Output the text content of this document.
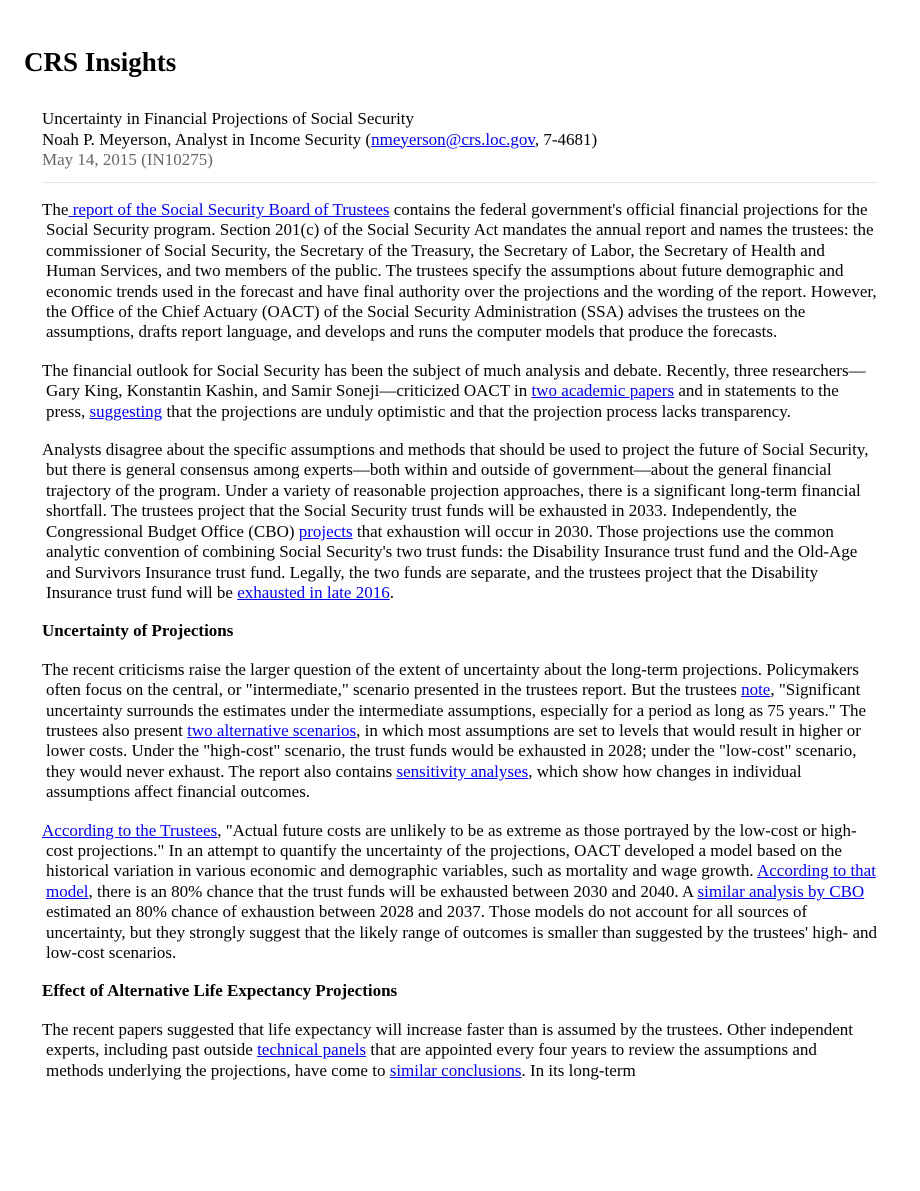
CRS Insights
Uncertainty in Financial Projections of Social Security
Noah P. Meyerson, Analyst in Income Security (nmeyerson@crs.loc.gov, 7-4681)
May 14, 2015 (IN10275)

The report of the Social Security Board of Trustees contains the federal government's official financial projections for the Social Security program. Section 201(c) of the Social Security Act mandates the annual report and names the trustees: the commissioner of Social Security, the Secretary of the Treasury, the Secretary of Labor, the Secretary of Health and Human Services, and two members of the public. The trustees specify the assumptions about future demographic and economic trends used in the forecast and have final authority over the projections and the wording of the report. However, the Office of the Chief Actuary (OACT) of the Social Security Administration (SSA) advises the trustees on the assumptions, drafts report language, and develops and runs the computer models that produce the forecasts.

The financial outlook for Social Security has been the subject of much analysis and debate. Recently, three researchers—Gary King, Konstantin Kashin, and Samir Soneji—criticized OACT in two academic papers and in statements to the press, suggesting that the projections are unduly optimistic and that the projection process lacks transparency.

Analysts disagree about the specific assumptions and methods that should be used to project the future of Social Security, but there is general consensus among experts—both within and outside of government—about the general financial trajectory of the program. Under a variety of reasonable projection approaches, there is a significant long-term financial shortfall. The trustees project that the Social Security trust funds will be exhausted in 2033. Independently, the Congressional Budget Office (CBO) projects that exhaustion will occur in 2030. Those projections use the common analytic convention of combining Social Security's two trust funds: the Disability Insurance trust fund and the Old-Age and Survivors Insurance trust fund. Legally, the two funds are separate, and the trustees project that the Disability Insurance trust fund will be exhausted in late 2016.

Uncertainty of Projections

The recent criticisms raise the larger question of the extent of uncertainty about the long-term projections. Policymakers often focus on the central, or "intermediate," scenario presented in the trustees report. But the trustees note, "Significant uncertainty surrounds the estimates under the intermediate assumptions, especially for a period as long as 75 years." The trustees also present two alternative scenarios, in which most assumptions are set to levels that would result in higher or lower costs. Under the "high-cost" scenario, the trust funds would be exhausted in 2028; under the "low-cost" scenario, they would never exhaust. The report also contains sensitivity analyses, which show how changes in individual assumptions affect financial outcomes.

According to the Trustees, "Actual future costs are unlikely to be as extreme as those portrayed by the low-cost or high-cost projections." In an attempt to quantify the uncertainty of the projections, OACT developed a model based on the historical variation in various economic and demographic variables, such as mortality and wage growth. According to that model, there is an 80% chance that the trust funds will be exhausted between 2030 and 2040. A similar analysis by CBO estimated an 80% chance of exhaustion between 2028 and 2037. Those models do not account for all sources of uncertainty, but they strongly suggest that the likely range of outcomes is smaller than suggested by the trustees' high- and low-cost scenarios.

Effect of Alternative Life Expectancy Projections

The recent papers suggested that life expectancy will increase faster than is assumed by the trustees. Other independent experts, including past outside technical panels that are appointed every four years to review the assumptions and methods underlying the projections, have come to similar conclusions. In its long-term
